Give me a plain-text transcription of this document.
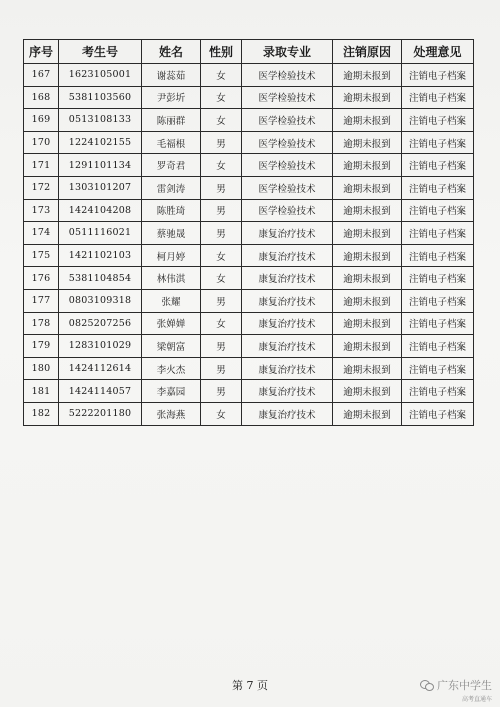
序号	考生号	姓名	性别	录取专业	注销原因	处理意见
167	1623105001	谢蕊茹	女	医学检验技术	逾期未报到	注销电子档案
168	5381103560	尹彭圻	女	医学检验技术	逾期未报到	注销电子档案
169	0513108133	陈丽群	女	医学检验技术	逾期未报到	注销电子档案
170	1224102155	毛福根	男	医学检验技术	逾期未报到	注销电子档案
171	1291101134	罗奇君	女	医学检验技术	逾期未报到	注销电子档案
172	1303101207	雷剑涛	男	医学检验技术	逾期未报到	注销电子档案
173	1424104208	陈胜琦	男	医学检验技术	逾期未报到	注销电子档案
174	0511116021	蔡驰晟	男	康复治疗技术	逾期未报到	注销电子档案
175	1421102103	柯月婷	女	康复治疗技术	逾期未报到	注销电子档案
176	5381104854	林伟淇	女	康复治疗技术	逾期未报到	注销电子档案
177	0803109318	张耀	男	康复治疗技术	逾期未报到	注销电子档案
178	0825207256	张婵婵	女	康复治疗技术	逾期未报到	注销电子档案
179	1283101029	梁朝富	男	康复治疗技术	逾期未报到	注销电子档案
180	1424112614	李火杰	男	康复治疗技术	逾期未报到	注销电子档案
181	1424114057	李嘉园	男	康复治疗技术	逾期未报到	注销电子档案
182	5222201180	张海燕	女	康复治疗技术	逾期未报到	注销电子档案
第 7 页	广东中学生
高考直通车
